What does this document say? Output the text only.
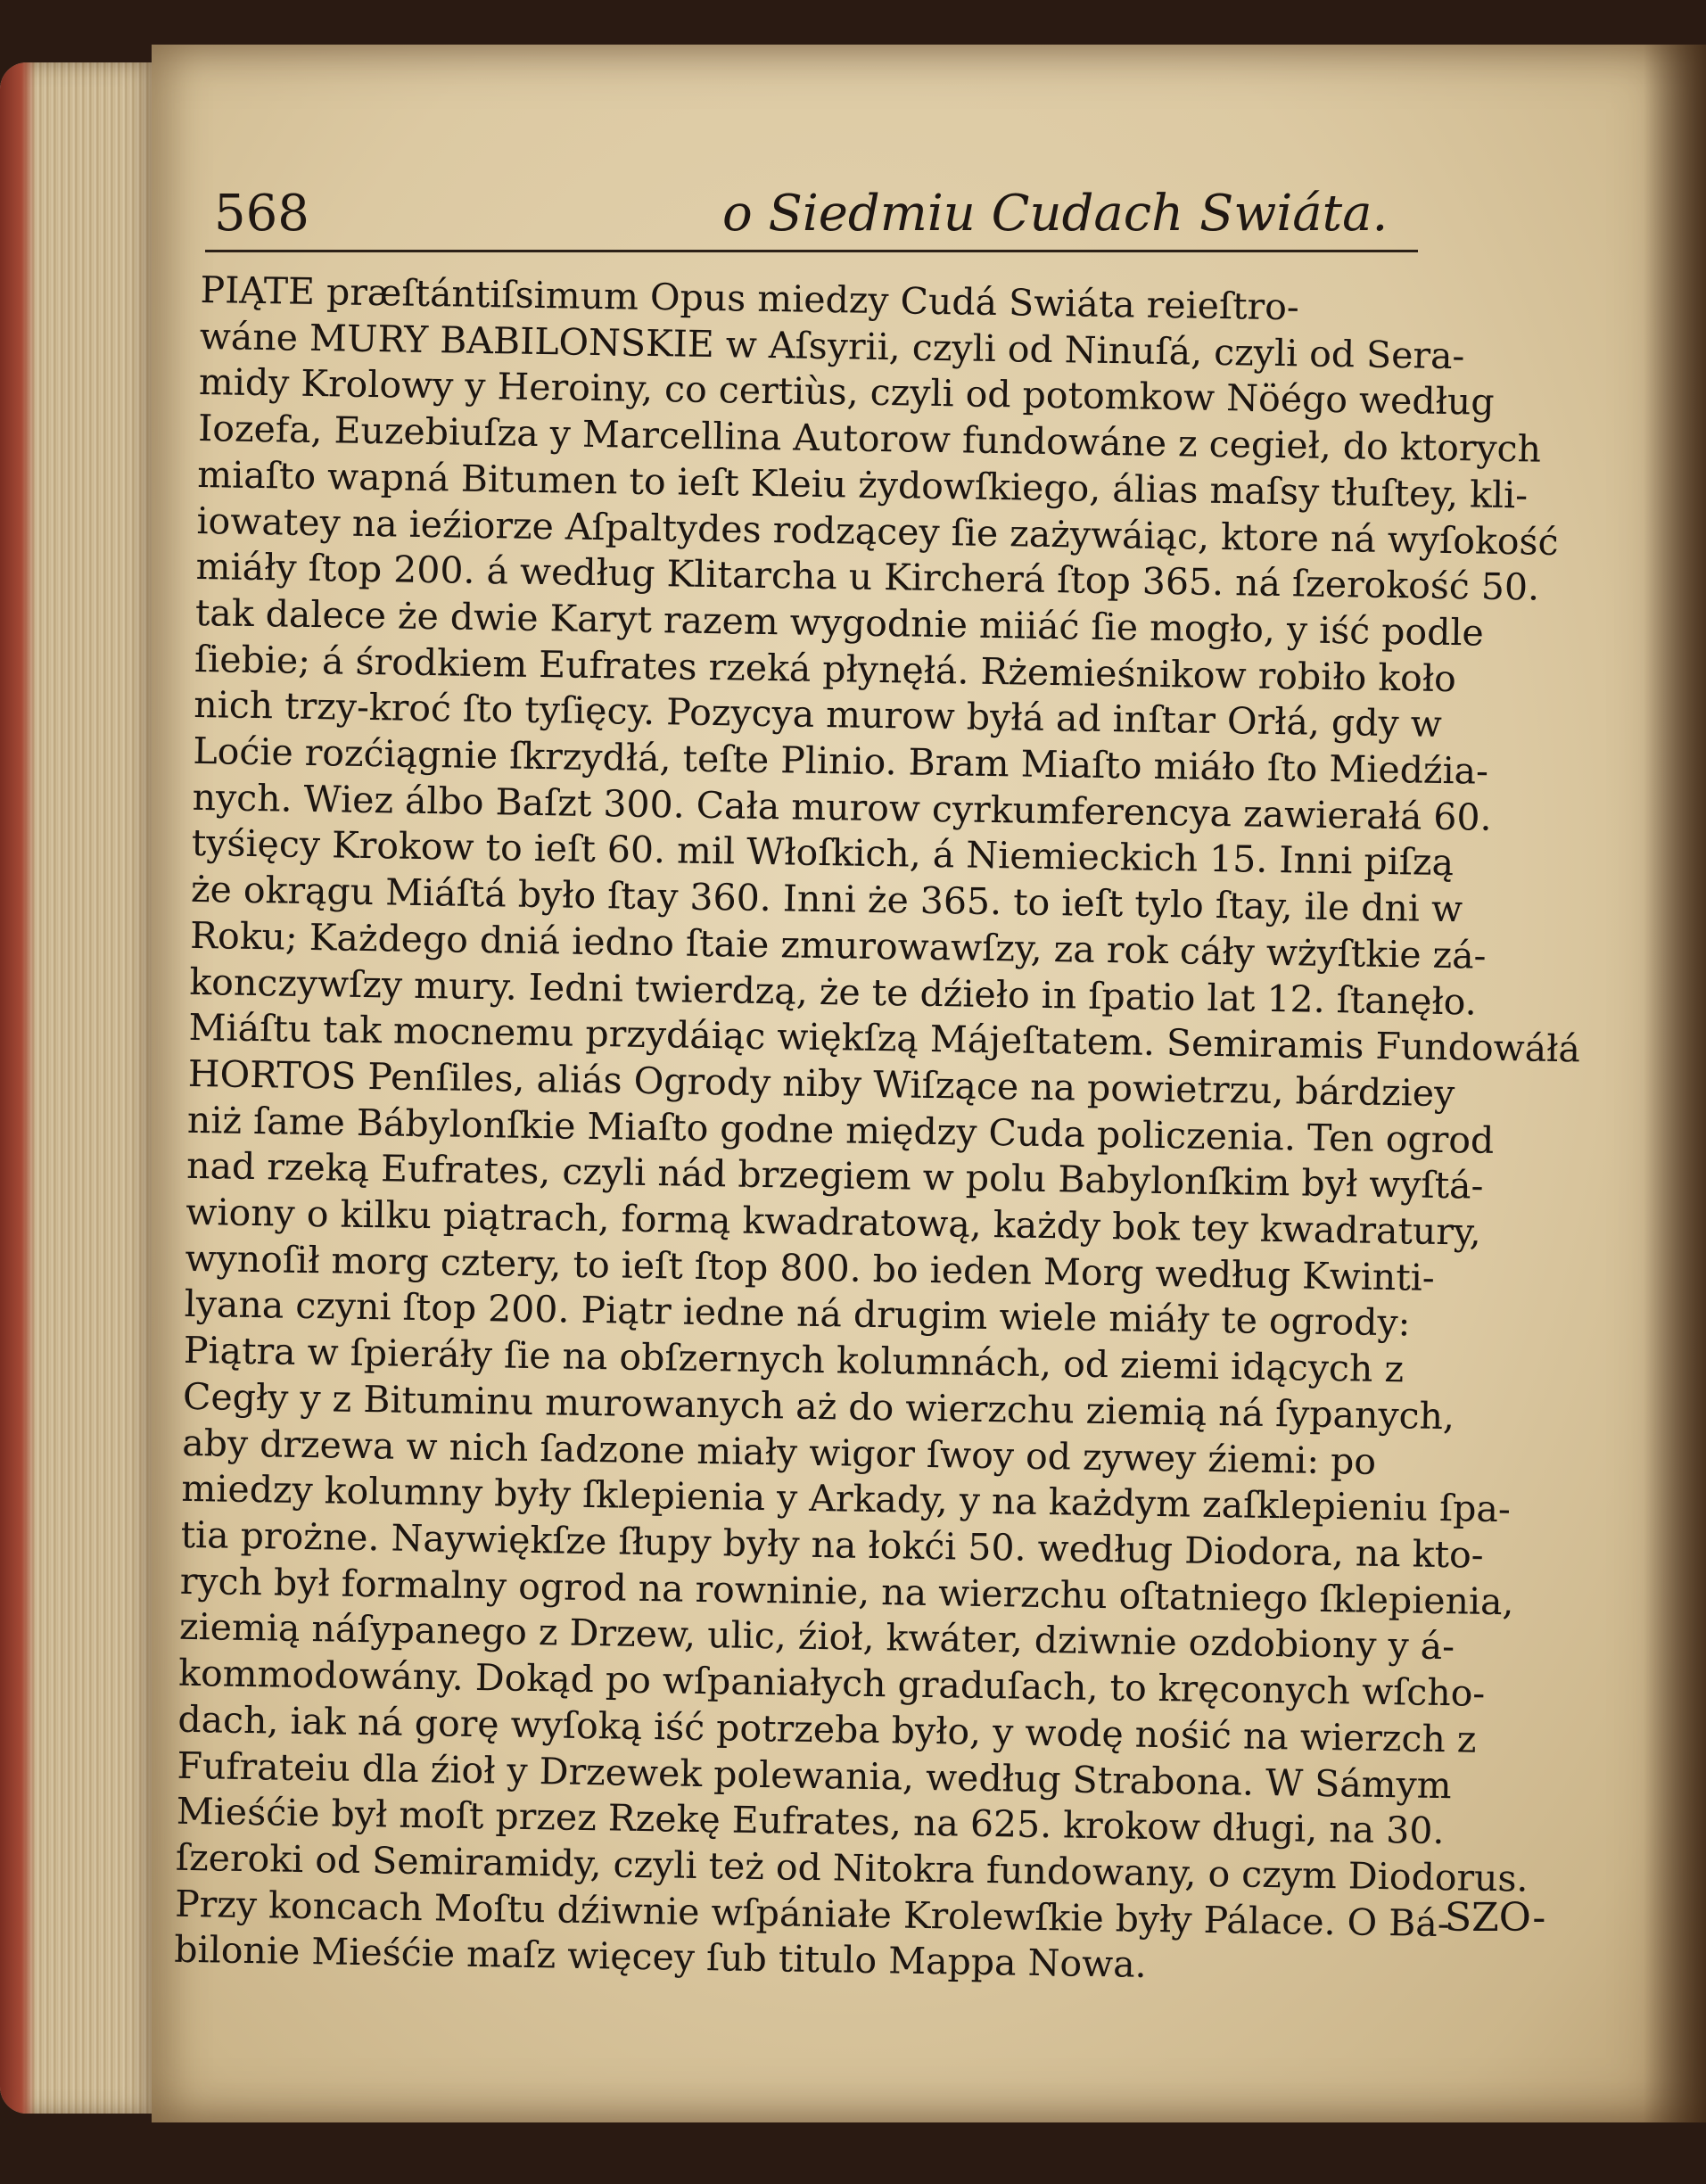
568	o Siedmiu Cudach Swiáta.
PIĄTE præſtántiſsimum Opus miedzy Cudá Swiáta reieſtro-
wáne MURY BABILONSKIE w Aſsyrii, czyli od Ninuſá, czyli od Sera-
midy Krolowy y Heroiny, co certiùs, czyli od potomkow Nöégo według
Iozefa, Euzebiuſza y Marcellina Autorow fundowáne z cegieł, do ktorych
miaſto wapná Bitumen to ieſt Kleiu żydowſkiego, álias maſsy tłuſtey, kli-
iowatey na ieźiorze Aſpaltydes rodzącey ſie zażywáiąc, ktore ná wyſokość
miáły ſtop 200. á według Klitarcha u Kircherá ſtop 365. ná ſzerokość 50.
tak dalece że dwie Karyt razem wygodnie miiáć ſie mogło, y iść podle
ſiebie; á środkiem Eufrates rzeká płynęłá. Rżemieśnikow robiło koło
nich trzy-kroć ſto tyſięcy. Pozycya murow byłá ad inſtar Orłá, gdy w
Loćie rozćiągnie ſkrzydłá, teſte Plinio. Bram Miaſto miáło ſto Miedźia-
nych. Wiez álbo Baſzt 300. Cała murow cyrkumferencya zawierałá 60.
tyśięcy Krokow to ieſt 60. mil Włoſkich, á Niemieckich 15. Inni piſzą
że okrągu Miáſtá było ſtay 360. Inni że 365. to ieſt tylo ſtay, ile dni w
Roku; Każdego dniá iedno ſtaie zmurowawſzy, za rok cáły wżyſtkie zá-
konczywſzy mury. Iedni twierdzą, że te dźieło in ſpatio lat 12. ſtanęło.
Miáſtu tak mocnemu przydáiąc więkſzą Májeſtatem. Semiramis Fundowáłá
HORTOS Penſiles, aliás Ogrody niby Wiſzące na powietrzu, bárdziey
niż ſame Bábylonſkie Miaſto godne między Cuda policzenia. Ten ogrod
nad rzeką Eufrates, czyli nád brzegiem w polu Babylonſkim był wyſtá-
wiony o kilku piątrach, formą kwadratową, każdy bok tey kwadratury,
wynoſił morg cztery, to ieſt ſtop 800. bo ieden Morg według Kwinti-
lyana czyni ſtop 200. Piątr iedne ná drugim wiele miáły te ogrody:
Piątra w ſpieráły ſie na obſzernych kolumnách, od ziemi idących z
Cegły y z Bituminu murowanych aż do wierzchu ziemią ná ſypanych,
aby drzewa w nich ſadzone miały wigor ſwoy od zywey źiemi: po
miedzy kolumny były ſklepienia y Arkady, y na każdym zaſklepieniu ſpa-
tia prożne. Naywiękſze ſłupy były na łokći 50. według Diodora, na kto-
rych był formalny ogrod na rowninie, na wierzchu oſtatniego ſklepienia,
ziemią náſypanego z Drzew, ulic, źioł, kwáter, dziwnie ozdobiony y á-
kommodowány. Dokąd po wſpaniałych graduſach, to kręconych wſcho-
dach, iak ná gorę wyſoką iść potrzeba było, y wodę nośić na wierzch z
Fufrateiu dla źioł y Drzewek polewania, według Strabona. W Sámym
Mieśćie był moſt przez Rzekę Eufrates, na 625. krokow długi, na 30.
ſzeroki od Semiramidy, czyli też od Nitokra fundowany, o czym Diodorus.
Przy koncach Moſtu dźiwnie wſpániałe Krolewſkie były Pálace. O Bá-
bilonie Mieśćie maſz więcey ſub titulo Mappa Nowa.
SZO-
